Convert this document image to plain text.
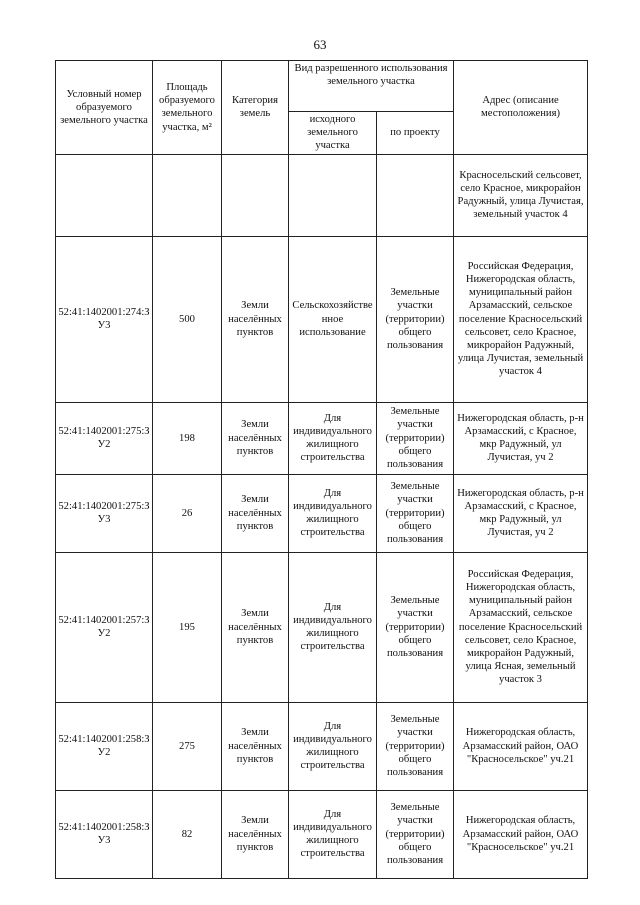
63
Условный номер образуемого земельного участка	Площадь образуемого земельного участка, м²	Категория земель	Вид разрешенного использования земельного участка		Адрес (описание местоположения)
			исходного земельного участка	по проекту	
					Красносельский сельсовет, село Красное, микрорайон Радужный, улица Лучистая, земельный участок 4
52:41:1402001:274:ЗУ3	500	Земли населённых пунктов	Сельскохозяйственное использование	Земельные участки (территории) общего пользования	Российская Федерация, Нижегородская область, муниципальный район Арзамасский, сельское поселение Красносельский сельсовет, село Красное, микрорайон Радужный, улица Лучистая, земельный участок 4
52:41:1402001:275:ЗУ2	198	Земли населённых пунктов	Для индивидуального жилищного строительства	Земельные участки (территории) общего пользования	Нижегородская область, р-н Арзамасский, с Красное, мкр Радужный, ул Лучистая, уч 2
52:41:1402001:275:ЗУ3	26	Земли населённых пунктов	Для индивидуального жилищного строительства	Земельные участки (территории) общего пользования	Нижегородская область, р-н Арзамасский, с Красное, мкр Радужный, ул Лучистая, уч 2
52:41:1402001:257:ЗУ2	195	Земли населённых пунктов	Для индивидуального жилищного строительства	Земельные участки (территории) общего пользования	Российская Федерация, Нижегородская область, муниципальный район Арзамасский, сельское поселение Красносельский сельсовет, село Красное, микрорайон Радужный, улица Ясная, земельный участок 3
52:41:1402001:258:ЗУ2	275	Земли населённых пунктов	Для индивидуального жилищного строительства	Земельные участки (территории) общего пользования	Нижегородская область, Арзамасский район, ОАО "Красносельское" уч.21
52:41:1402001:258:ЗУ3	82	Земли населённых пунктов	Для индивидуального жилищного строительства	Земельные участки (территории) общего пользования	Нижегородская область, Арзамасский район, ОАО "Красносельское" уч.21
